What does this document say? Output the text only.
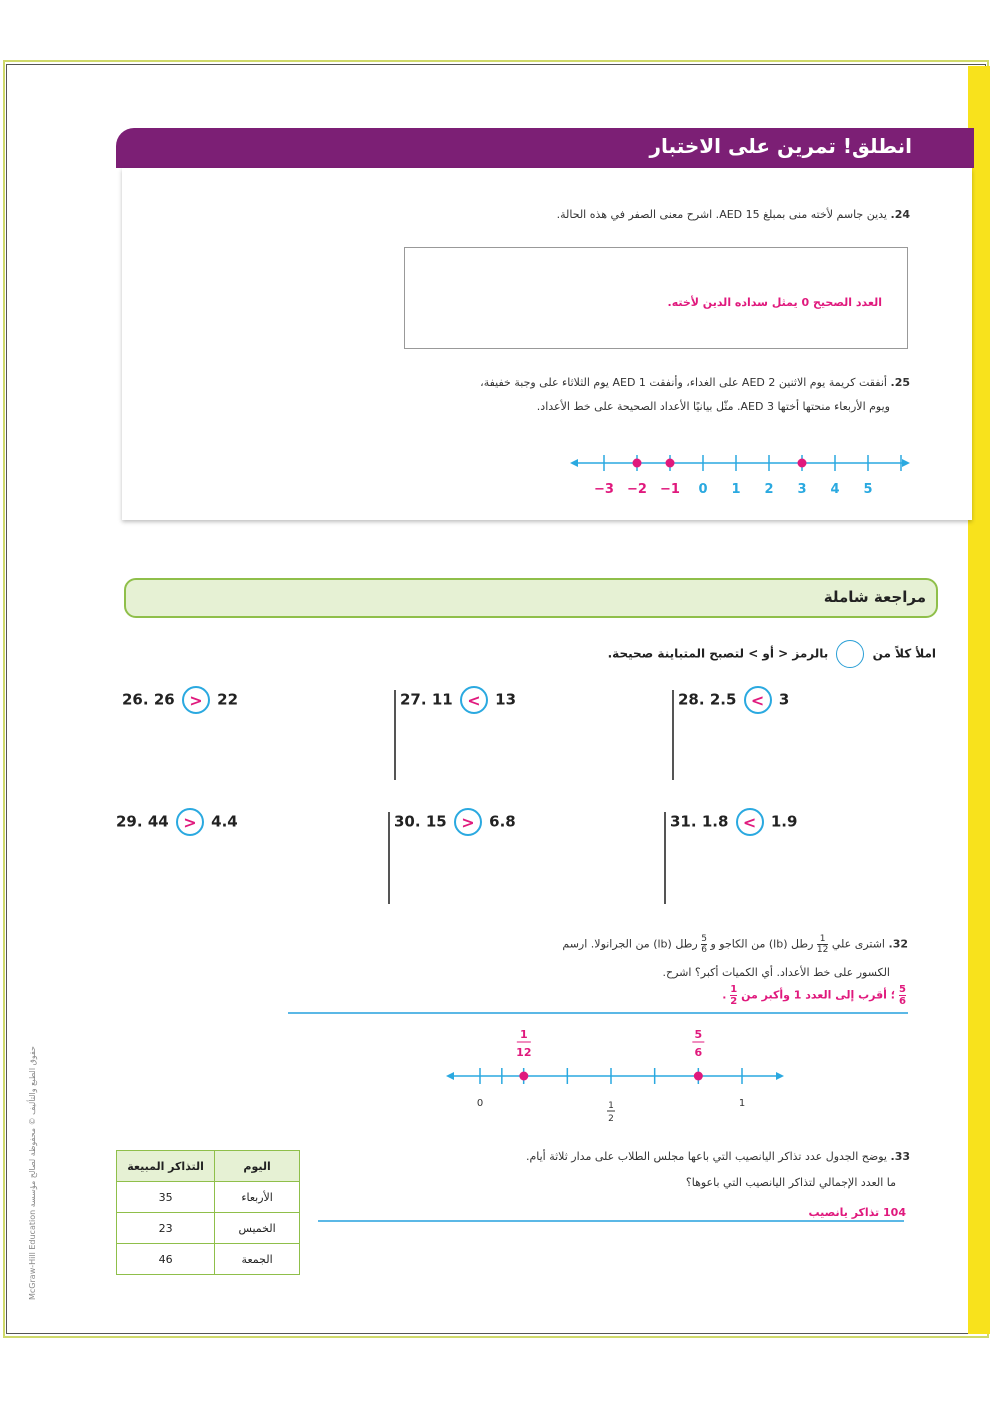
انطلق! تمرين على الاختبار
24. يدين جاسم لأخته منى بمبلغ AED 15. اشرح معنى الصفر في هذه الحالة.
العدد الصحيح 0 يمثل سداده الدين لأخته.
25. أنفقت كريمة يوم الاثنين AED 2 على الغداء، وأنفقت AED 1 يوم الثلاثاء على وجبة خفيفة،
ويوم الأربعاء منحتها أختها AED 3. مثّل بيانيًا الأعداد الصحيحة على خط الأعداد.
−3 −2 −1 0 1 2 3 4 5
مراجعة شاملة
املأ كلاً من  بالرمز < أو > لتصبح المتباينة صحيحة.
26. 26 > 22	27. 11 < 13	28. 2.5 < 3
29. 44 > 4.4	30. 15 > 6.8	31. 1.8 < 1.9
32. اشترى علي
$\frac{1}{12}$
رطل (lb) من الكاجو و
$\frac{5}{6}$
رطل (lb) من الجرانولا. ارسم
الكسور على خط الأعداد. أي الكميات أكبر؟ اشرح.
$\frac{5}{6}$
؛ أقرب إلى العدد 1 وأكبر من
$\frac{1}{2}$
.
1
12
5
6
0	1
2
1
33. يوضح الجدول عدد تذاكر اليانصيب التي باعها مجلس الطلاب على مدار ثلاثة أيام.
ما العدد الإجمالي لتذاكر اليانصيب التي باعوها؟
104 تذاكر يانصيب
التذاكر المبيعة	اليوم
35	الأربعاء
23	الخميس
46	الجمعة
McGraw-Hill Education حقوق الطبع والتأليف © محفوظة لصالح مؤسسة
